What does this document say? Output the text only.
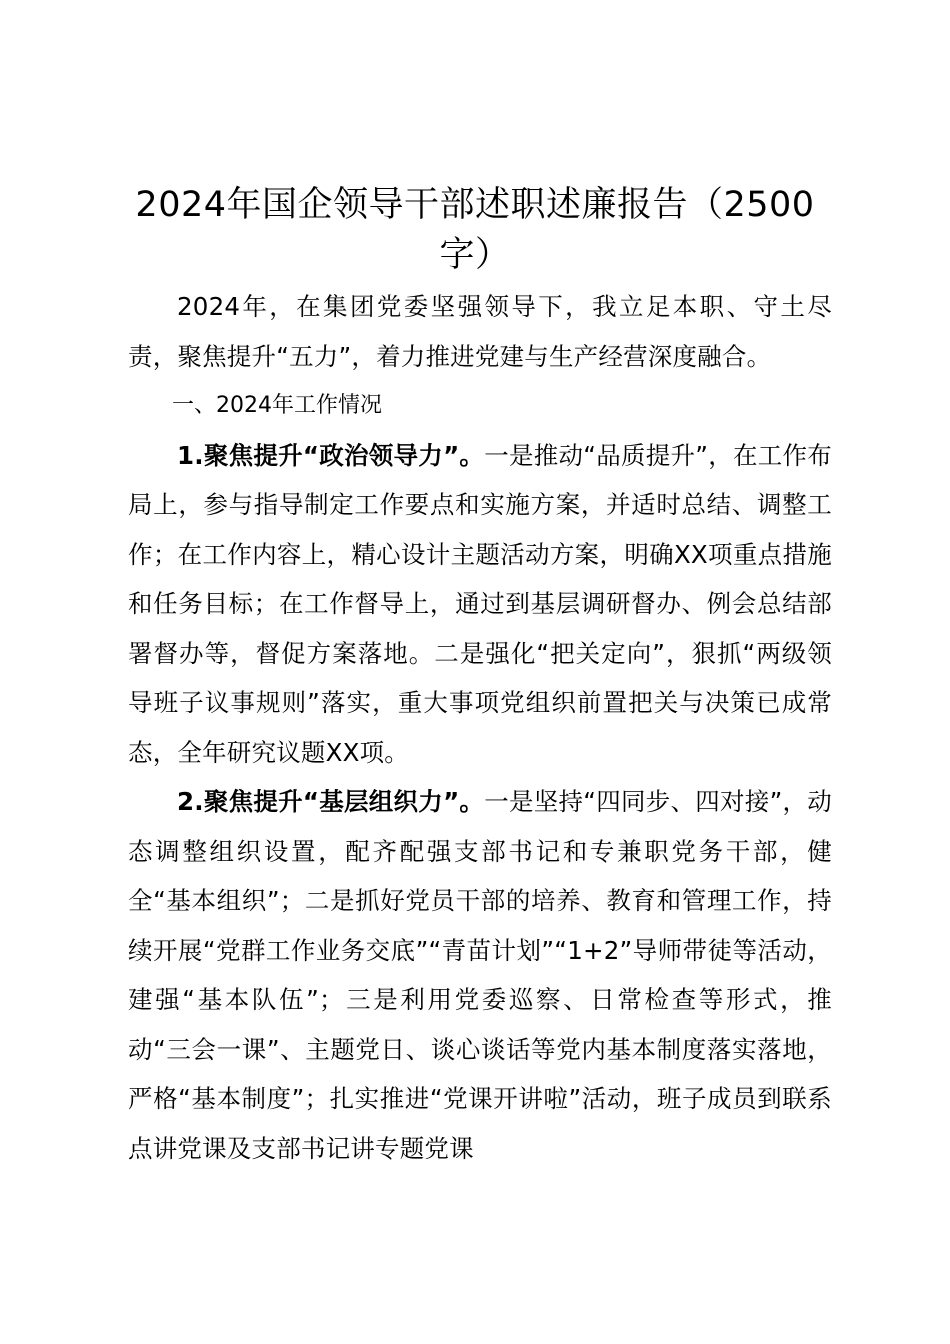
2024年国企领导干部述职述廉报告（2500字）

2024年，在集团党委坚强领导下，我立足本职、守土尽责，聚焦提升“五力”，着力推进党建与生产经营深度融合。

一、2024年工作情况

1.聚焦提升“政治领导力”。一是推动“品质提升”，在工作布局上，参与指导制定工作要点和实施方案，并适时总结、调整工作；在工作内容上，精心设计主题活动方案，明确XX项重点措施和任务目标；在工作督导上，通过到基层调研督办、例会总结部署督办等，督促方案落地。二是强化“把关定向”，狠抓“两级领导班子议事规则”落实，重大事项党组织前置把关与决策已成常态，全年研究议题XX项。

2.聚焦提升“基层组织力”。一是坚持“四同步、四对接”，动态调整组织设置，配齐配强支部书记和专兼职党务干部，健全“基本组织”；二是抓好党员干部的培养、教育和管理工作，持续开展“党群工作业务交底”“青苗计划”“1+2”导师带徒等活动，建强“基本队伍”；三是利用党委巡察、日常检查等形式，推动“三会一课”、主题党日、谈心谈话等党内基本制度落实落地，严格“基本制度”；扎实推进“党课开讲啦”活动，班子成员到联系点讲党课及支部书记讲专题党课
